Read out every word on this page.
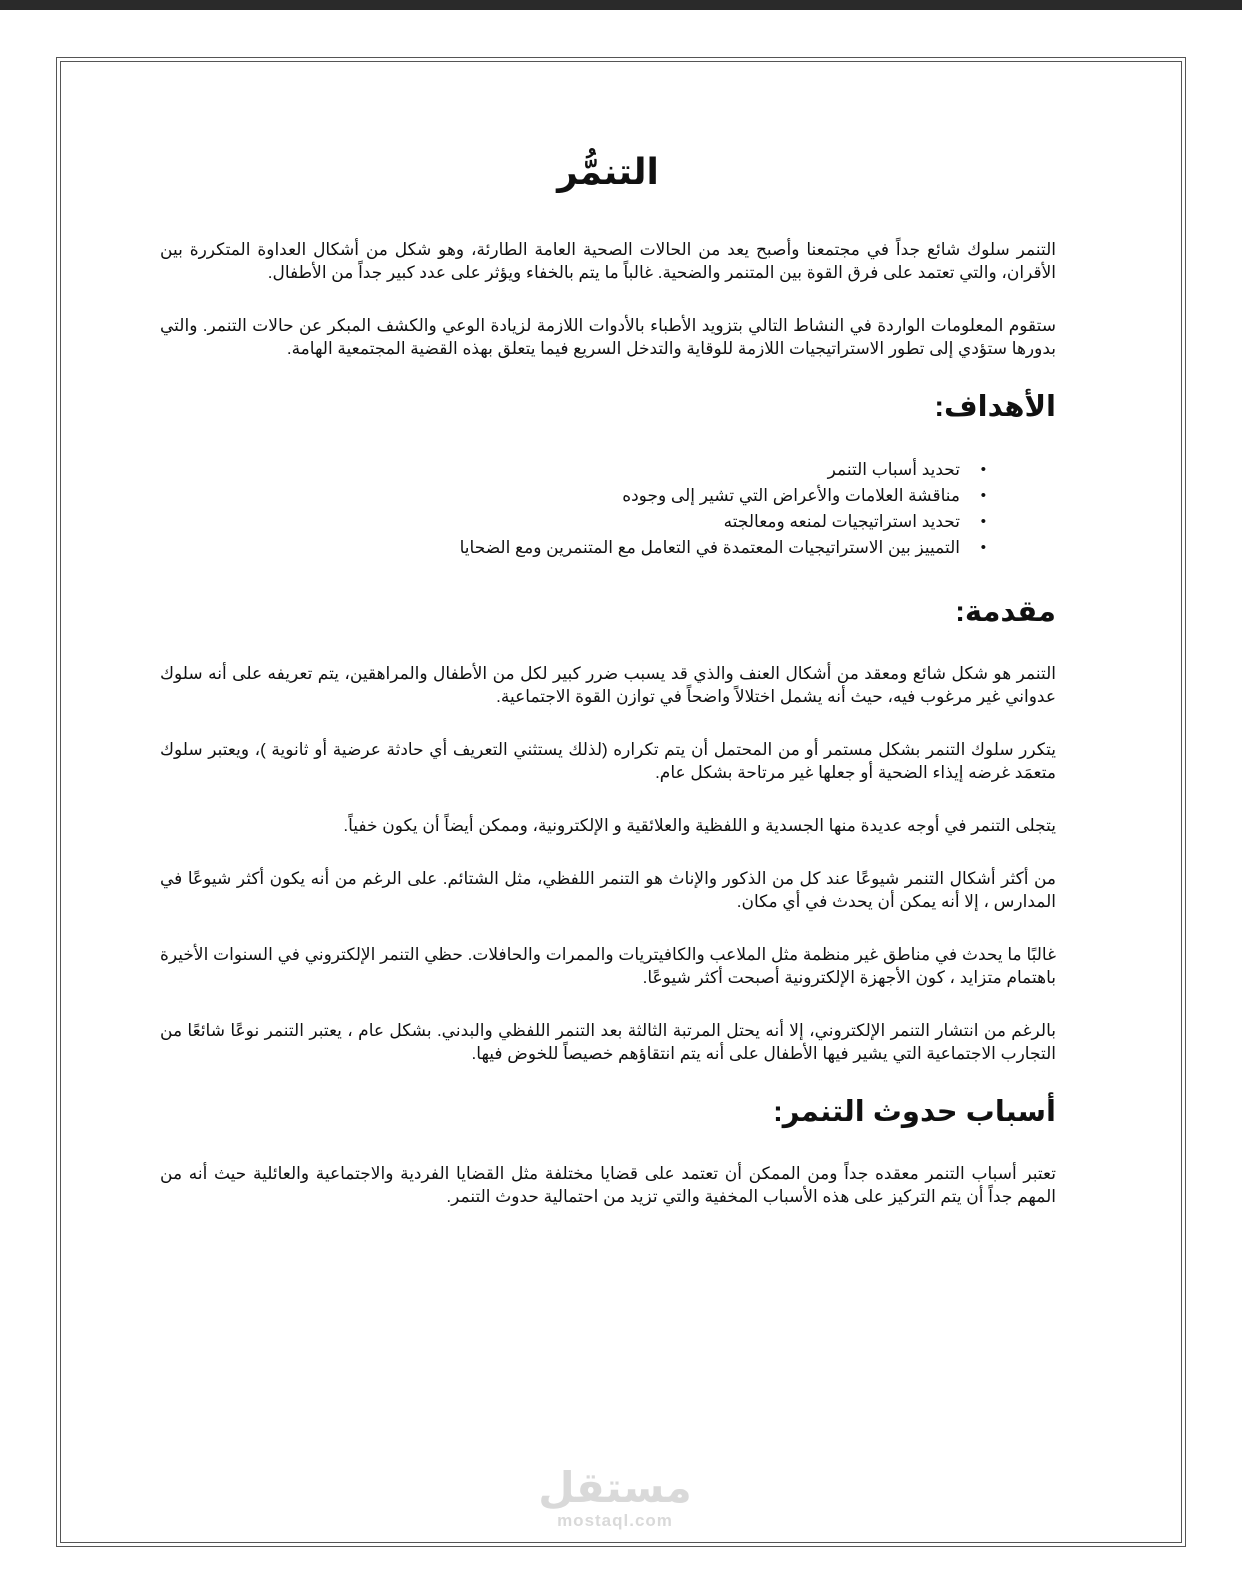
التنمُّر

التنمر سلوك شائع جداً في مجتمعنا وأصبح يعد من الحالات الصحية العامة الطارئة، وهو شكل من أشكال العداوة المتكررة بين الأقران، والتي تعتمد على فرق القوة بين المتنمر والضحية. غالباً ما يتم بالخفاء ويؤثر على عدد كبير جداً من الأطفال.

ستقوم المعلومات الواردة في النشاط التالي بتزويد الأطباء بالأدوات اللازمة لزيادة الوعي والكشف المبكر عن حالات التنمر. والتي بدورها ستؤدي إلى تطور الاستراتيجيات اللازمة للوقاية والتدخل السريع فيما يتعلق بهذه القضية المجتمعية الهامة.

الأهداف:
•
تحديد أسباب التنمر
•
مناقشة العلامات والأعراض التي تشير إلى وجوده
•
تحديد استراتيجيات لمنعه ومعالجته
•
التمييز بين الاستراتيجيات المعتمدة في التعامل مع المتنمرين ومع الضحايا
مقدمة:

التنمر هو شكل شائع ومعقد من أشكال العنف والذي قد يسبب ضرر كبير لكل من الأطفال والمراهقين، يتم تعريفه على أنه سلوك عدواني غير مرغوب فيه، حيث أنه يشمل اختلالاً واضحاً في توازن القوة الاجتماعية.

يتكرر سلوك التنمر بشكل مستمر أو من المحتمل أن يتم تكراره (لذلك يستثني التعريف أي حادثة عرضية أو ثانوية )، ويعتبر سلوك متعمَد غرضه إيذاء الضحية أو جعلها غير مرتاحة بشكل عام.

يتجلى التنمر في أوجه عديدة منها الجسدية و اللفظية والعلائقية و الإلكترونية، وممكن أيضاً أن يكون خفياً.

من أكثر أشكال التنمر شيوعًا عند كل من الذكور والإناث هو التنمر اللفظي، مثل الشتائم. على الرغم من أنه يكون أكثر شيوعًا في المدارس ، إلا أنه يمكن أن يحدث في أي مكان.

غالبًا ما يحدث في مناطق غير منظمة مثل الملاعب والكافيتريات والممرات والحافلات. حظي التنمر الإلكتروني في السنوات الأخيرة باهتمام متزايد ، كون الأجهزة الإلكترونية أصبحت أكثر شيوعًا.

بالرغم من انتشار التنمر الإلكتروني، إلا أنه يحتل المرتبة الثالثة بعد التنمر اللفظي والبدني. بشكل عام ، يعتبر التنمر نوعًا شائعًا من التجارب الاجتماعية التي يشير فيها الأطفال على أنه يتم انتقاؤهم خصيصاً للخوض فيها.

أسباب حدوث التنمر:

تعتبر أسباب التنمر معقده جداً ومن الممكن أن تعتمد على قضايا مختلفة مثل القضايا الفردية والاجتماعية والعائلية حيث أنه من المهم جداً أن يتم التركيز على هذه الأسباب المخفية والتي تزيد من احتمالية حدوث التنمر.

مستقل
mostaql.com
